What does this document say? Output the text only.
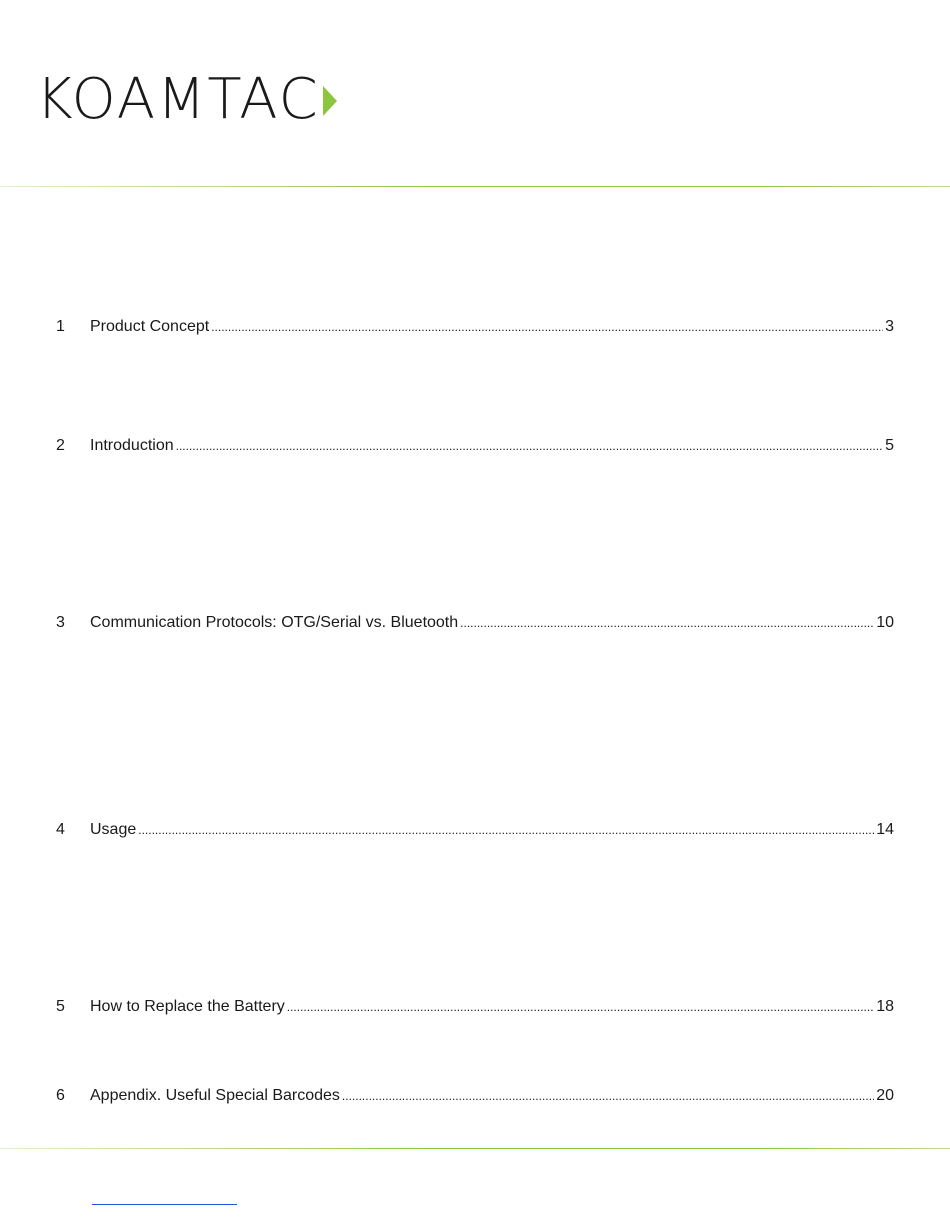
KOAMTAC
1	Product Concept .....	3
2	Introduction .....	5
3	Communication Protocols: OTG/Serial vs. Bluetooth .....	10
4	Usage .....	14
5	How to Replace the Battery .....	18
6	Appendix. Useful Special Barcodes .....	20
